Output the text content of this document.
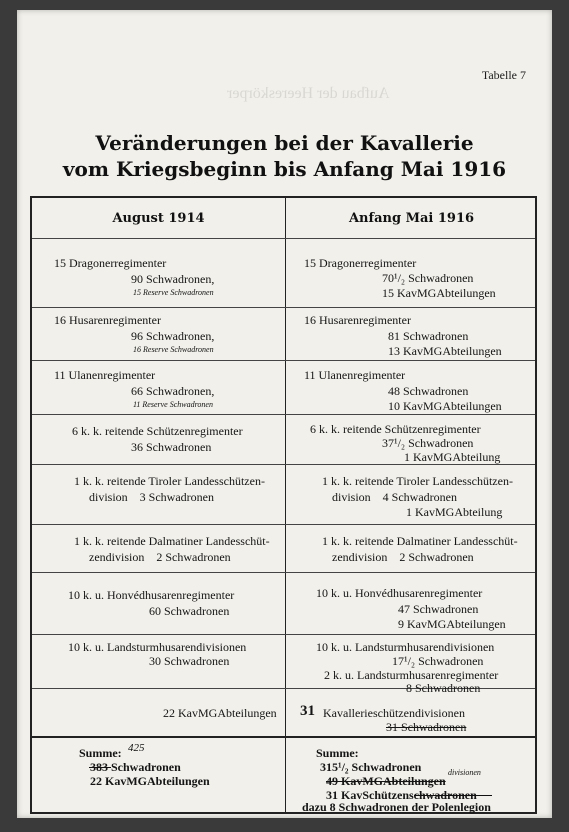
Aufbau der Heereskörper
Tabelle 7
Veränderungen bei der Kavallerie
vom Kriegsbeginn bis Anfang Mai 1916
August 1914	Anfang Mai 1916
15 Dragonerregimenter
90 Schwadronen,
15 Reserve Schwadronen
15 Dragonerregimenter
70¹/₂ Schwadronen
15 KavMGAbteilungen
16 Husarenregimenter
96 Schwadronen,
16 Reserve Schwadronen
16 Husarenregimenter
81 Schwadronen
13 KavMGAbteilungen
11 Ulanenregimenter
66 Schwadronen,
11 Reserve Schwadronen
11 Ulanenregimenter
48 Schwadronen
10 KavMGAbteilungen
6 k. k. reitende Schützenregimenter
36 Schwadronen
6 k. k. reitende Schützenregimenter
37¹/₂ Schwadronen
1 KavMGAbteilung
1 k. k. reitende Tiroler Landesschützen-
division    3 Schwadronen
1 k. k. reitende Tiroler Landesschützen-
division    4 Schwadronen
1 KavMGAbteilung
1 k. k. reitende Dalmatiner Landesschüt-
zendivision    2 Schwadronen
1 k. k. reitende Dalmatiner Landesschüt-
zendivision    2 Schwadronen
10 k. u. Honvédhusarenregimenter
60 Schwadronen
10 k. u. Honvédhusarenregimenter
47 Schwadronen
9 KavMGAbteilungen
10 k. u. Landsturmhusarendivisionen
30 Schwadronen
10 k. u. Landsturmhusarendivisionen
17¹/₂ Schwadronen
2 k. u. Landsturmhusarenregimenter
8 Schwadronen
22 KavMGAbteilungen 31 Kavallerieschützendivisionen
31 Schwadronen
Summe: 425
383 Schwadronen
22 KavMGAbteilungen
Summe:
315¹/₂ Schwadronen
49 KavMGAbteilungen
divisionen
31 KavSchützenschwadronen
dazu 8 Schwadronen der Polenlegion
